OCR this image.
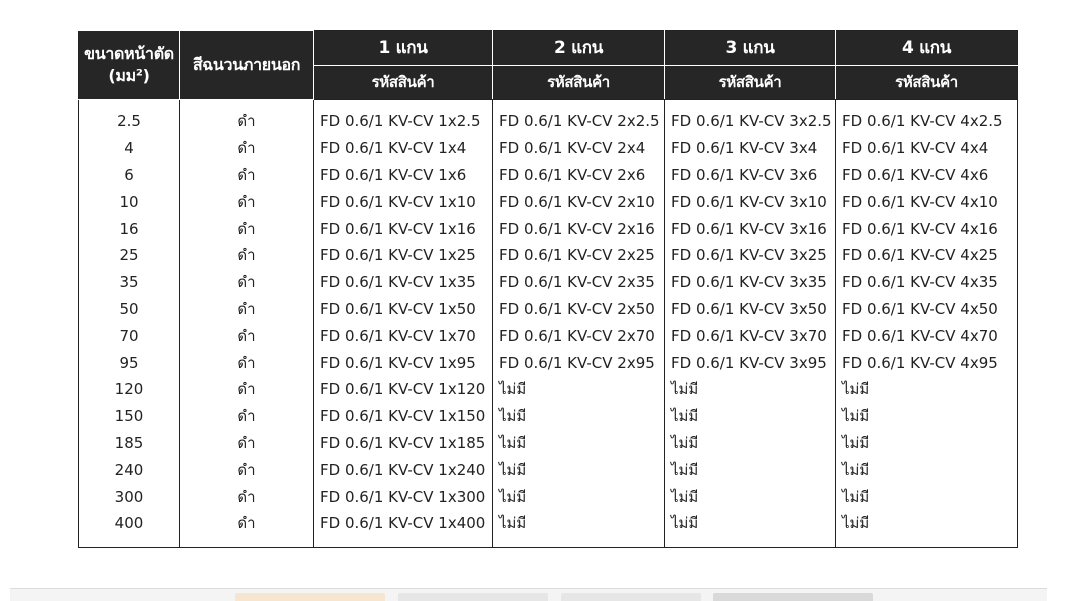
ขนาดหน้าตัด
(มม²)	สีฉนวนภายนอก	1 แกน	2 แกน	3 แกน	4 แกน
		รหัสสินค้า	รหัสสินค้า	รหัสสินค้า	รหัสสินค้า
2.5	ดำ	FD 0.6/1 KV-CV 1x2.5	FD 0.6/1 KV-CV 2x2.5	FD 0.6/1 KV-CV 3x2.5	FD 0.6/1 KV-CV 4x2.5
4	ดำ	FD 0.6/1 KV-CV 1x4	FD 0.6/1 KV-CV 2x4	FD 0.6/1 KV-CV 3x4	FD 0.6/1 KV-CV 4x4
6	ดำ	FD 0.6/1 KV-CV 1x6	FD 0.6/1 KV-CV 2x6	FD 0.6/1 KV-CV 3x6	FD 0.6/1 KV-CV 4x6
10	ดำ	FD 0.6/1 KV-CV 1x10	FD 0.6/1 KV-CV 2x10	FD 0.6/1 KV-CV 3x10	FD 0.6/1 KV-CV 4x10
16	ดำ	FD 0.6/1 KV-CV 1x16	FD 0.6/1 KV-CV 2x16	FD 0.6/1 KV-CV 3x16	FD 0.6/1 KV-CV 4x16
25	ดำ	FD 0.6/1 KV-CV 1x25	FD 0.6/1 KV-CV 2x25	FD 0.6/1 KV-CV 3x25	FD 0.6/1 KV-CV 4x25
35	ดำ	FD 0.6/1 KV-CV 1x35	FD 0.6/1 KV-CV 2x35	FD 0.6/1 KV-CV 3x35	FD 0.6/1 KV-CV 4x35
50	ดำ	FD 0.6/1 KV-CV 1x50	FD 0.6/1 KV-CV 2x50	FD 0.6/1 KV-CV 3x50	FD 0.6/1 KV-CV 4x50
70	ดำ	FD 0.6/1 KV-CV 1x70	FD 0.6/1 KV-CV 2x70	FD 0.6/1 KV-CV 3x70	FD 0.6/1 KV-CV 4x70
95	ดำ	FD 0.6/1 KV-CV 1x95	FD 0.6/1 KV-CV 2x95	FD 0.6/1 KV-CV 3x95	FD 0.6/1 KV-CV 4x95
120	ดำ	FD 0.6/1 KV-CV 1x120	ไม่มี	ไม่มี	ไม่มี
150	ดำ	FD 0.6/1 KV-CV 1x150	ไม่มี	ไม่มี	ไม่มี
185	ดำ	FD 0.6/1 KV-CV 1x185	ไม่มี	ไม่มี	ไม่มี
240	ดำ	FD 0.6/1 KV-CV 1x240	ไม่มี	ไม่มี	ไม่มี
300	ดำ	FD 0.6/1 KV-CV 1x300	ไม่มี	ไม่มี	ไม่มี
400	ดำ	FD 0.6/1 KV-CV 1x400	ไม่มี	ไม่มี	ไม่มี
